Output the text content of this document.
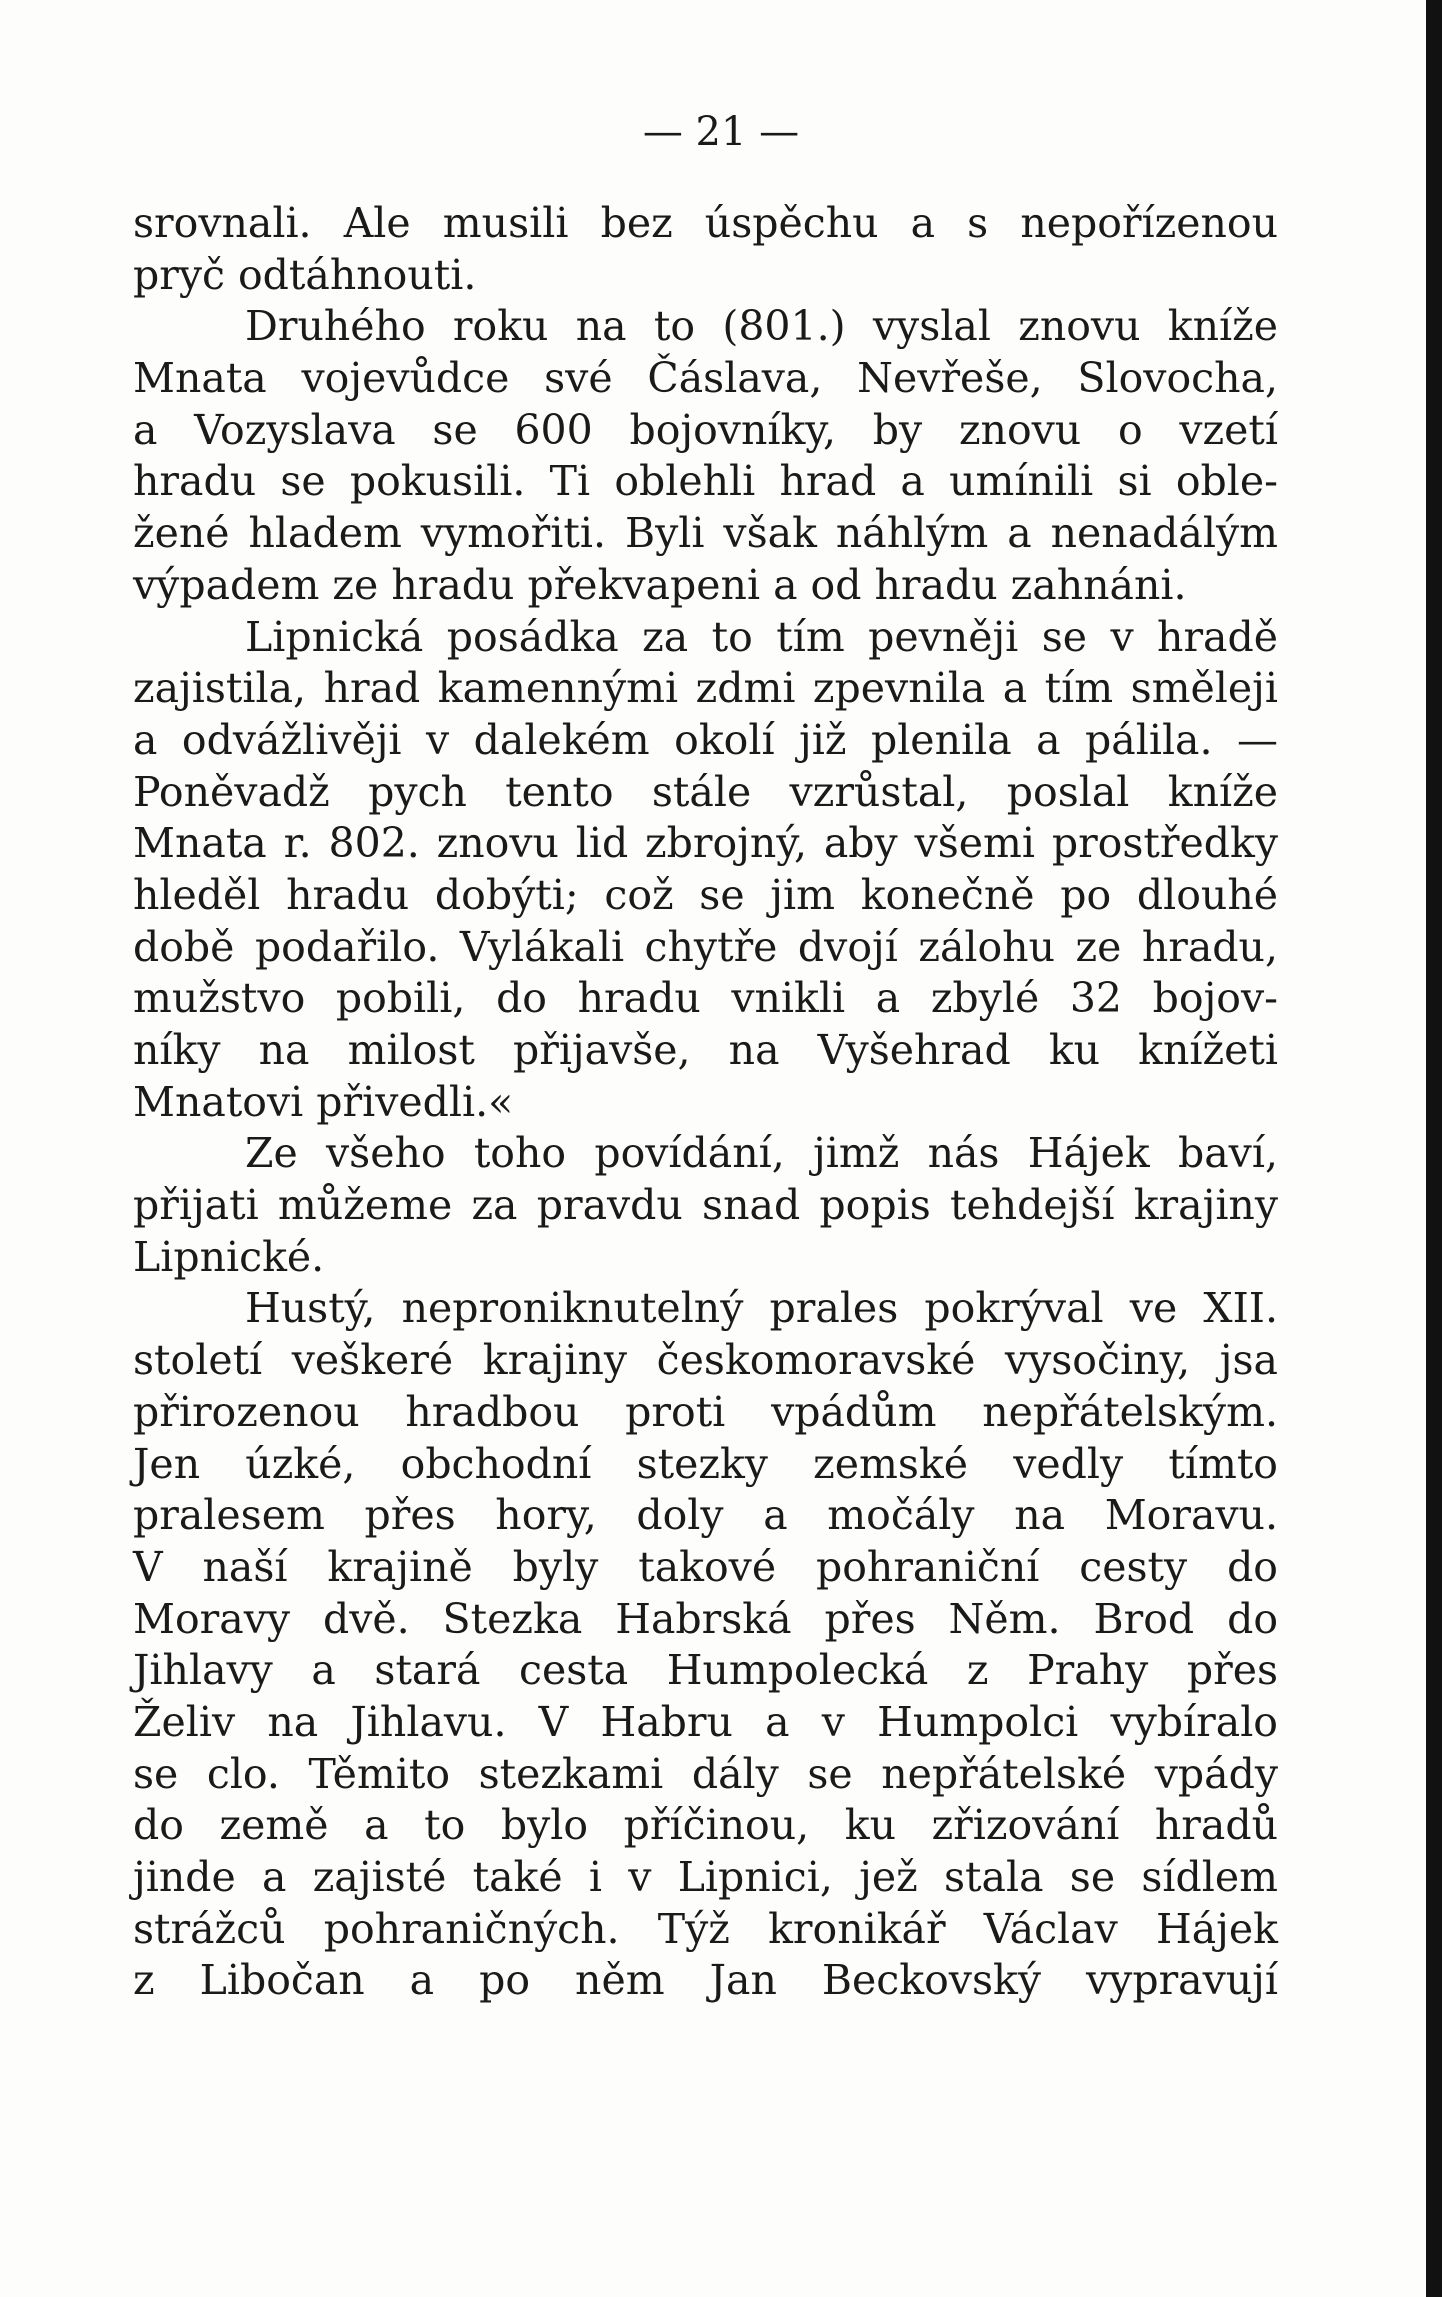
— 21 —
srovnali. Ale musili bez úspěchu a s nepořízenou
pryč odtáhnouti.
Druhého roku na to (801.) vyslal znovu kníže
Mnata vojevůdce své Čáslava, Nevřeše, Slovocha,
a Vozyslava se 600 bojovníky, by znovu o vzetí
hradu se pokusili. Ti oblehli hrad a umínili si oble-
žené hladem vymořiti. Byli však náhlým a nenadálým
výpadem ze hradu překvapeni a od hradu zahnáni.
Lipnická posádka za to tím pevněji se v hradě
zajistila, hrad kamennými zdmi zpevnila a tím směleji
a odvážlivěji v dalekém okolí již plenila a pálila. —
Poněvadž pych tento stále vzrůstal, poslal kníže
Mnata r. 802. znovu lid zbrojný, aby všemi prostředky
hleděl hradu dobýti; což se jim konečně po dlouhé
době podařilo. Vylákali chytře dvojí zálohu ze hradu,
mužstvo pobili, do hradu vnikli a zbylé 32 bojov-
níky na milost přijavše, na Vyšehrad ku knížeti
Mnatovi přivedli.«
Ze všeho toho povídání, jimž nás Hájek baví,
přijati můžeme za pravdu snad popis tehdejší krajiny
Lipnické.
Hustý, neproniknutelný prales pokrýval ve XII.
století veškeré krajiny českomoravské vysočiny, jsa
přirozenou hradbou proti vpádům nepřátelským.
Jen úzké, obchodní stezky zemské vedly tímto
pralesem přes hory, doly a močály na Moravu.
V naší krajině byly takové pohraniční cesty do
Moravy dvě. Stezka Habrská přes Něm. Brod do
Jihlavy a stará cesta Humpolecká z Prahy přes
Želiv na Jihlavu. V Habru a v Humpolci vybíralo
se clo. Těmito stezkami dály se nepřátelské vpády
do země a to bylo příčinou, ku zřizování hradů
jinde a zajisté také i v Lipnici, jež stala se sídlem
strážců pohraničných. Týž kronikář Václav Hájek
z Libočan a po něm Jan Beckovský vypravují
